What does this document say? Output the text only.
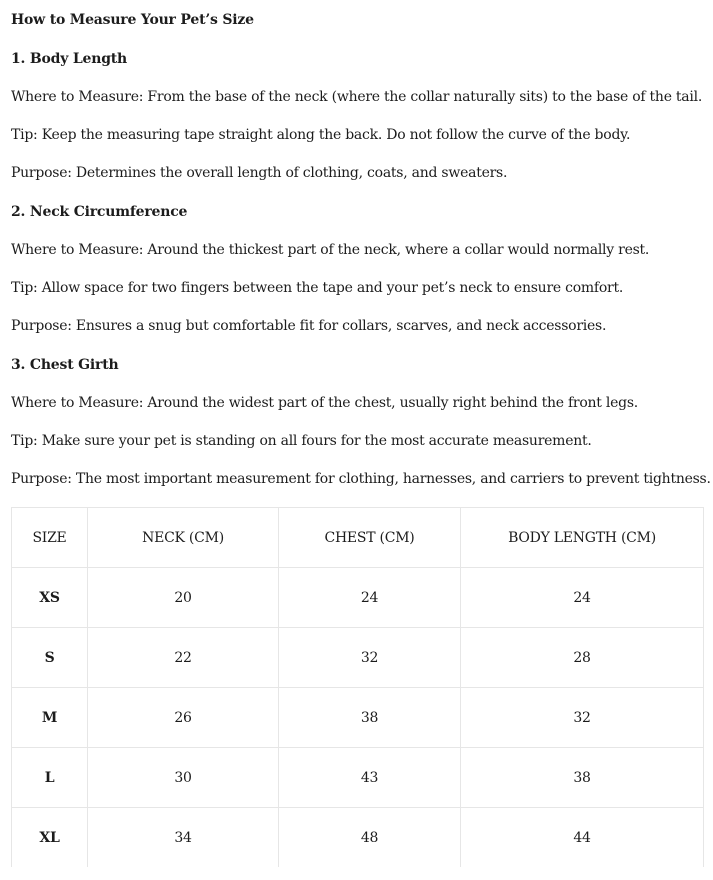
How to Measure Your Pet’s Size
1. Body Length
Where to Measure: From the base of the neck (where the collar naturally sits) to the base of the tail.
Tip: Keep the measuring tape straight along the back. Do not follow the curve of the body.
Purpose: Determines the overall length of clothing, coats, and sweaters.
2. Neck Circumference
Where to Measure: Around the thickest part of the neck, where a collar would normally rest.
Tip: Allow space for two fingers between the tape and your pet’s neck to ensure comfort.
Purpose: Ensures a snug but comfortable fit for collars, scarves, and neck accessories.
3. Chest Girth
Where to Measure: Around the widest part of the chest, usually right behind the front legs.
Tip: Make sure your pet is standing on all fours for the most accurate measurement.
Purpose: The most important measurement for clothing, harnesses, and carriers to prevent tightness.
SIZE	NECK (CM)	CHEST (CM)	BODY LENGTH (CM)
XS	20	24	24
S	22	32	28
M	26	38	32
L	30	43	38
XL	34	48	44
